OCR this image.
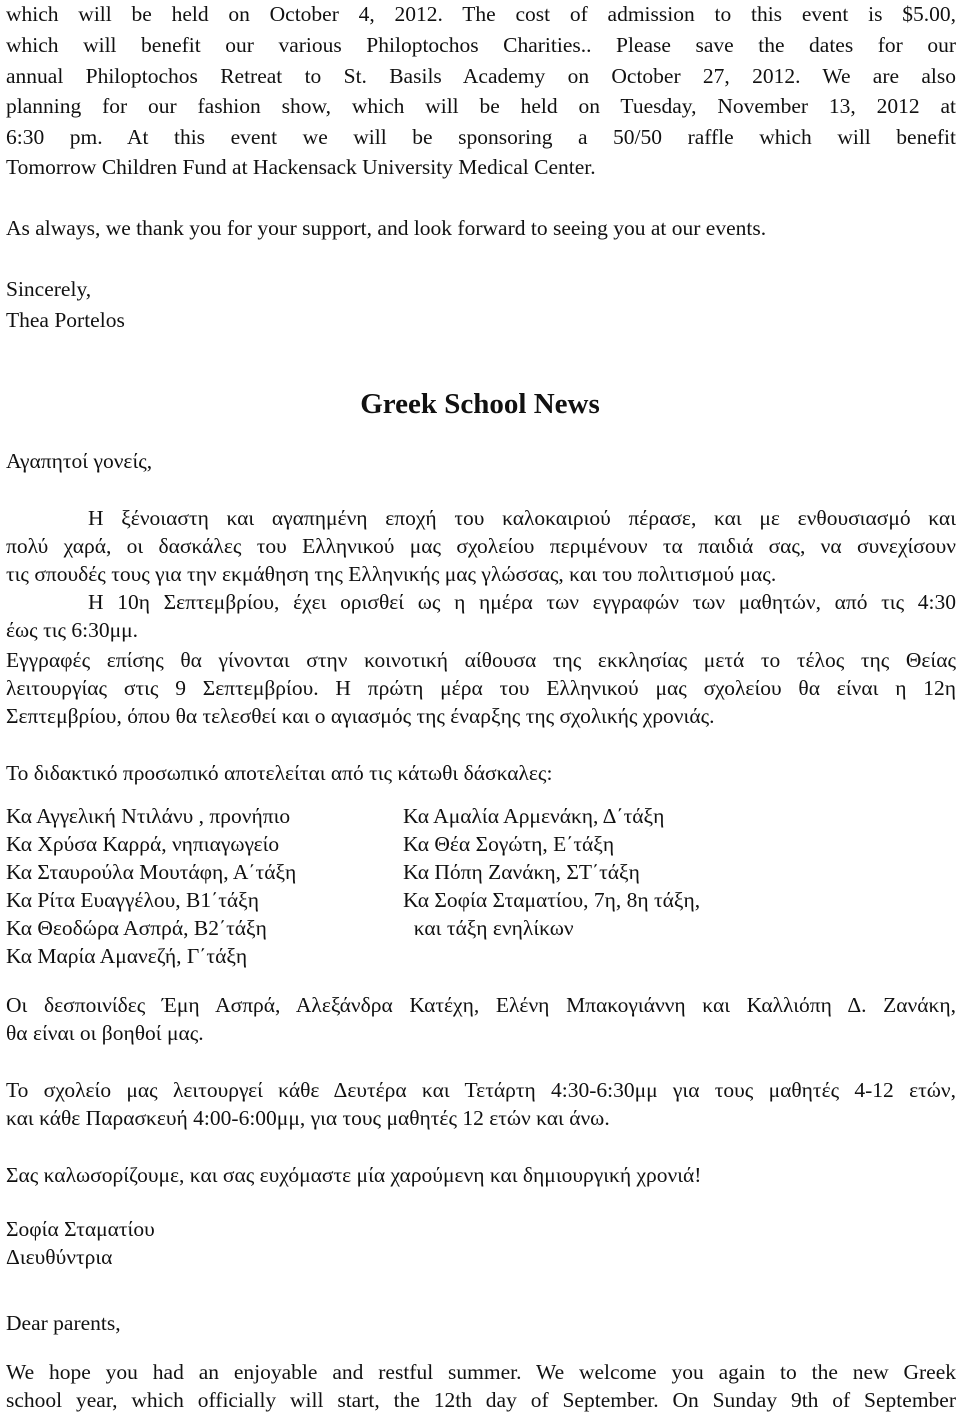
which will be held on October 4, 2012. The cost of admission to this event is $5.00,
which will benefit our various Philoptochos Charities.. Please save the dates for our
annual Philoptochos Retreat to St. Basils Academy on October 27, 2012. We are also
planning for our fashion show, which will be held on Tuesday, November 13, 2012 at
6:30 pm. At this event we will be sponsoring a 50/50 raffle which will benefit
Tomorrow Children Fund at Hackensack University Medical Center.
As always, we thank you for your support, and look forward to seeing you at our events.
Sincerely,
Thea Portelos
Greek School News
Αγαπητοί γονείς,
Η ξένοιαστη και αγαπημένη εποχή του καλοκαιριού πέρασε, και με ενθουσιασμό και
πολύ χαρά, οι δασκάλες του Ελληνικού μας σχολείου περιμένουν τα παιδιά σας, να συνεχίσουν
τις σπουδές τους για την εκμάθηση της Ελληνικής μας γλώσσας, και του πολιτισμού μας.
Η 10η Σεπτεμβρίου, έχει ορισθεί ως η ημέρα των εγγραφών των μαθητών, από τις 4:30
έως τις 6:30μμ.
Εγγραφές επίσης θα γίνονται στην κοινοτική αίθουσα της εκκλησίας μετά το τέλος της Θείας
λειτουργίας στις 9 Σεπτεμβρίου. Η πρώτη μέρα του Ελληνικού μας σχολείου θα είναι η 12η
Σεπτεμβρίου, όπου θα τελεσθεί και ο αγιασμός της έναρξης της σχολικής χρονιάς.
Το διδακτικό προσωπικό αποτελείται από τις κάτωθι δάσκαλες:
Κα Αγγελική Ντιλάνυ , προνήπιο
Κα Χρύσα Καρρά, νηπιαγωγείο
Κα Σταυρούλα Μουτάφη, Α΄τάξη
Κα Ρίτα Ευαγγέλου, Β1΄τάξη
Κα Θεοδώρα Ασπρά, Β2΄τάξη
Κα Μαρία Αμανεζή, Γ΄τάξη
Κα Αμαλία Αρμενάκη, Δ΄τάξη
Κα Θέα Σογώτη, Ε΄τάξη
Κα Πόπη Ζανάκη, ΣΤ΄τάξη
Κα Σοφία Σταματίου, 7η, 8η τάξη,
και τάξη ενηλίκων
Οι δεσποινίδες Έμη Ασπρά, Αλεξάνδρα Κατέχη, Ελένη Μπακογιάννη και Καλλιόπη Δ. Ζανάκη,
θα είναι οι βοηθοί μας.
Το σχολείο μας λειτουργεί κάθε Δευτέρα και Τετάρτη 4:30-6:30μμ για τους μαθητές 4-12 ετών,
και κάθε Παρασκευή 4:00-6:00μμ, για τους μαθητές 12 ετών και άνω.
Σας καλωσορίζουμε, και σας ευχόμαστε μία χαρούμενη και δημιουργική χρονιά!
Σοφία Σταματίου
Διευθύντρια
Dear parents,
We hope you had an enjoyable and restful summer. We welcome you again to the new Greek
school year, which officially will start, the 12th day of September. On Sunday 9th of September
